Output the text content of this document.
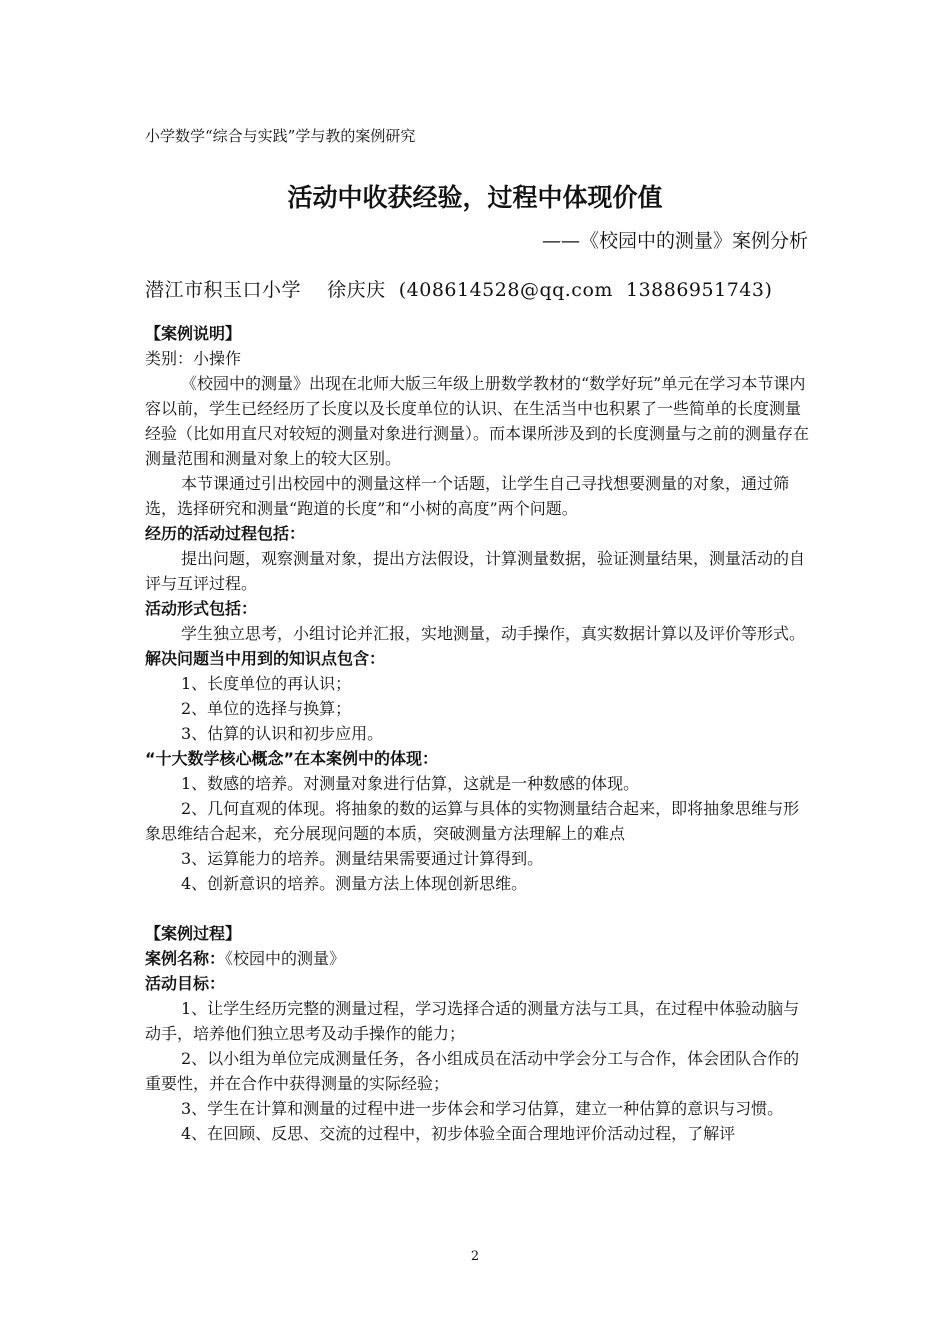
小学数学“综合与实践”学与教的案例研究
活动中收获经验，过程中体现价值
——《校园中的测量》案例分析
潜江市积玉口小学    徐庆庆  (408614528@qq.com  13886951743)

【案例说明】

类别：小操作

《校园中的测量》出现在北师大版三年级上册数学教材的“数学好玩”单元在学习本节课内容以前，学生已经经历了长度以及长度单位的认识、在生活当中也积累了一些简单的长度测量经验（比如用直尺对较短的测量对象进行测量）。而本课所涉及到的长度测量与之前的测量存在测量范围和测量对象上的较大区别。

本节课通过引出校园中的测量这样一个话题，让学生自己寻找想要测量的对象，通过筛选，选择研究和测量“跑道的长度”和“小树的高度”两个问题。

经历的活动过程包括：

提出问题，观察测量对象，提出方法假设，计算测量数据，验证测量结果，测量活动的自评与互评过程。

活动形式包括：

学生独立思考，小组讨论并汇报，实地测量，动手操作，真实数据计算以及评价等形式。

解决问题当中用到的知识点包含：

1、长度单位的再认识；

2、单位的选择与换算；

3、估算的认识和初步应用。

“十大数学核心概念”在本案例中的体现：

1、数感的培养。对测量对象进行估算，这就是一种数感的体现。

2、几何直观的体现。将抽象的数的运算与具体的实物测量结合起来，即将抽象思维与形象思维结合起来，充分展现问题的本质，突破测量方法理解上的难点

3、运算能力的培养。测量结果需要通过计算得到。

4、创新意识的培养。测量方法上体现创新思维。

【案例过程】

案例名称：《校园中的测量》

活动目标：

1、让学生经历完整的测量过程，学习选择合适的测量方法与工具，在过程中体验动脑与动手，培养他们独立思考及动手操作的能力；

2、以小组为单位完成测量任务，各小组成员在活动中学会分工与合作，体会团队合作的重要性，并在合作中获得测量的实际经验；

3、学生在计算和测量的过程中进一步体会和学习估算，建立一种估算的意识与习惯。

4、在回顾、反思、交流的过程中，初步体验全面合理地评价活动过程，了解评

2
